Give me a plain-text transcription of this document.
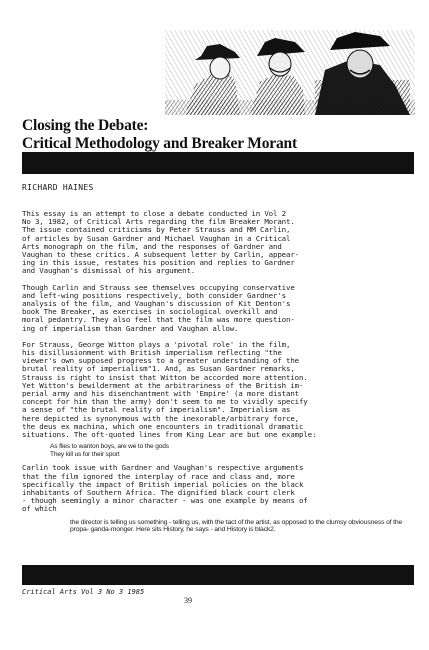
Closing the Debate:
Critical Methodology and Breaker Morant
RICHARD HAINES
This essay is an attempt to close a debate conducted in Vol 2
No 3, 1982, of Critical Arts regarding the film Breaker Morant.
The issue contained criticisms by Peter Strauss and MM Carlin,
of articles by Susan Gardner and Michael Vaughan in a Critical
Arts monograph on the film, and the responses of Gardner and
Vaughan to these critics. A subsequent letter by Carlin, appear-
ing in this issue, restates his position and replies to Gardner
and Vaughan's dismissal of his argument.
Though Carlin and Strauss see themselves occupying conservative
and left-wing positions respectively, both consider Gardner's
analysis of the film, and Vaughan's discussion of Kit Denton's
book The Breaker, as exercises in sociological overkill and
moral pedantry. They also feel that the film was more question-
ing of imperialism than Gardner and Vaughan allow.
For Strauss, George Witton plays a 'pivotal role' in the film,
his disillusionment with British imperialism reflecting "the
viewer's own supposed progress to a greater understanding of the
brutal reality of imperialism"1. And, as Susan Gardner remarks,
Strauss is right to insist that Witton be accorded more attention.
Yet Witton's bewilderment at the arbitrariness of the British im-
perial army and his disenchantment with 'Empire' (a more distant
concept for him than the army) don't seem to me to vividly specify
a sense of "the brutal reality of imperialism". Imperialism as
here depicted is synonymous with the inexorable/arbitrary force,
the deus ex machina, which one encounters in traditional dramatic
situations. The oft-quoted lines from King Lear are but one example:
As flies to wanton boys, are we to the gods
They kill us for their sport
Carlin took issue with Gardner and Vaughan's respective arguments
that the film ignored the interplay of race and class and, more
specifically the impact of British imperial policies on the black
inhabitants of Southern Africa. The dignified black court clerk
- though seemingly a minor character - was one example by means of
of which
the director is telling us something - telling us, with the tact of the artist, as opposed to the clumsy obviousness of the propa- ganda-monger. Here sits History, he says - and History is black2.
Critical Arts Vol 3 No 3 1985
39
